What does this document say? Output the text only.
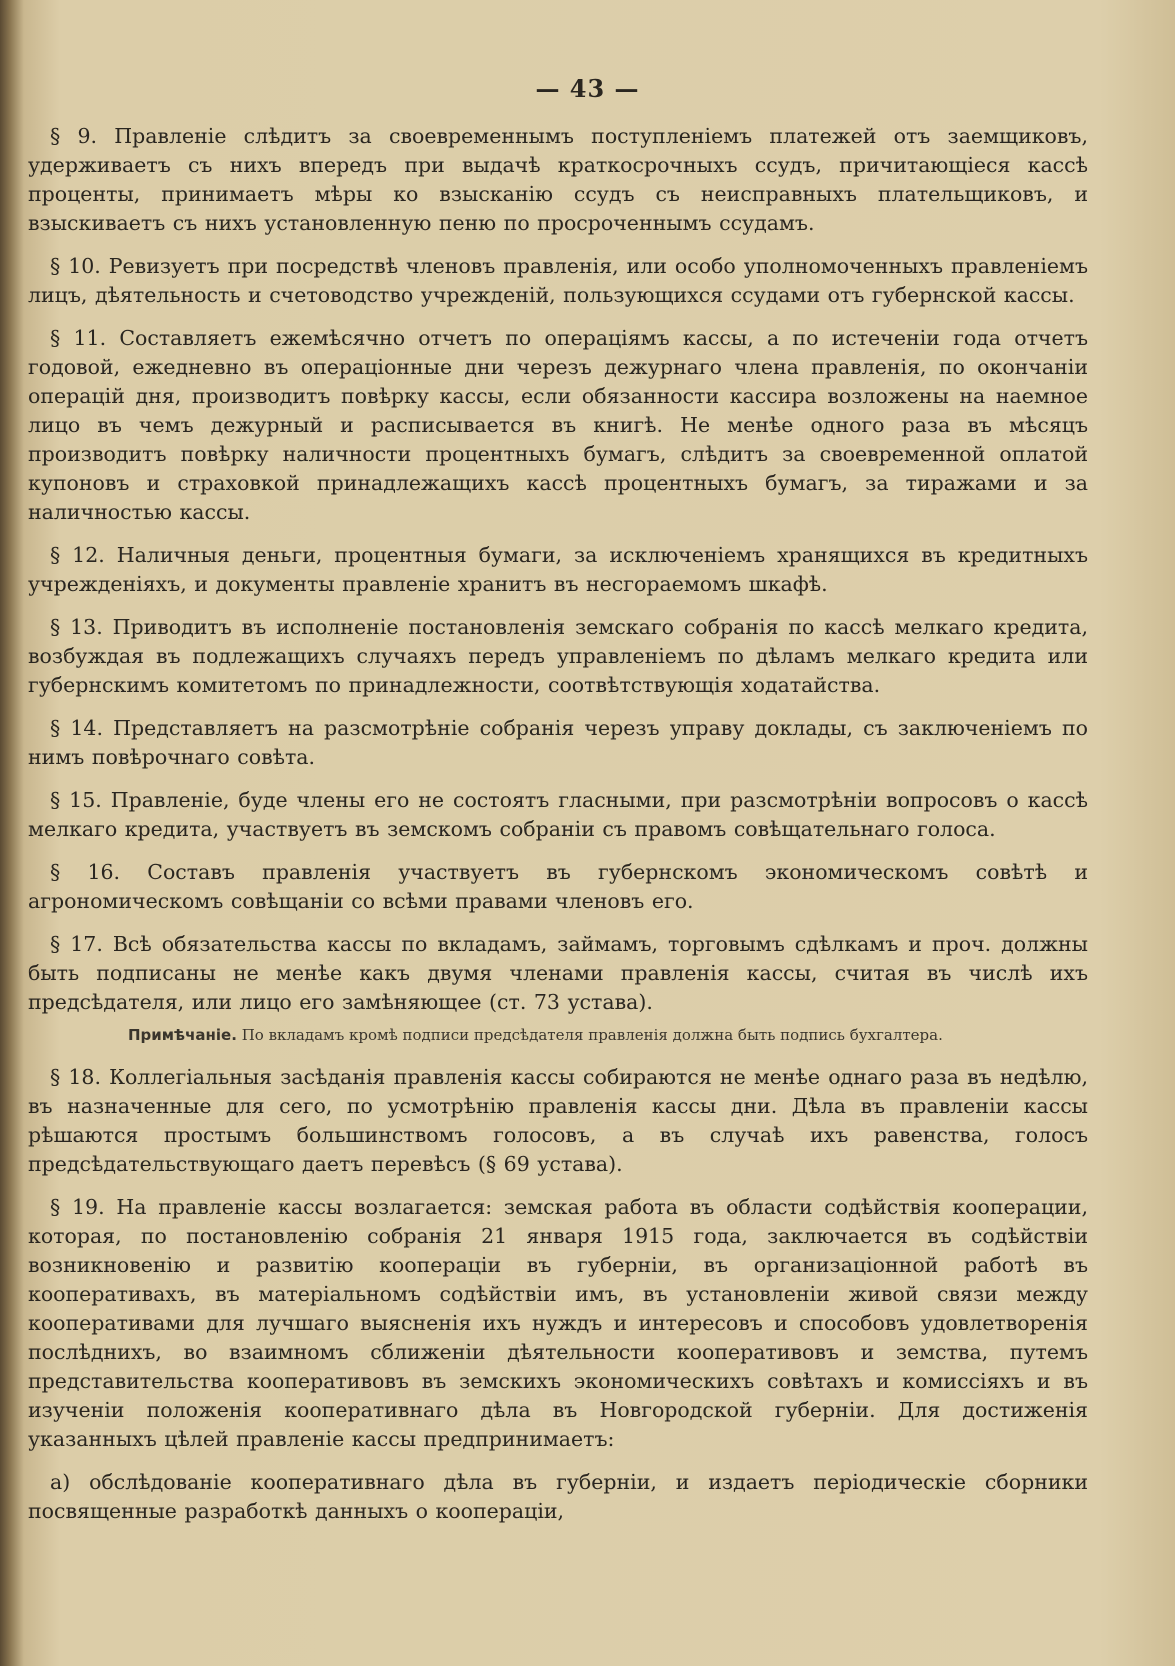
— 43 —

§ 9. Правленіе слѣдитъ за своевременнымъ поступленіемъ платежей отъ заемщиковъ, удерживаетъ съ нихъ впередъ при выдачѣ краткосрочныхъ ссудъ, причитающіеся кассѣ проценты, принимаетъ мѣры ко взысканію ссудъ съ неисправныхъ плательщиковъ, и взыскиваетъ съ нихъ установленную пеню по просроченнымъ ссудамъ.

§ 10. Ревизуетъ при посредствѣ членовъ правленія, или особо уполномоченныхъ правленіемъ лицъ, дѣятельность и счетоводство учрежденій, пользующихся ссудами отъ губернской кассы.

§ 11. Составляетъ ежемѣсячно отчетъ по операціямъ кассы, а по истеченіи года отчетъ годовой, ежедневно въ операціонные дни черезъ дежурнаго члена правленія, по окончаніи операцій дня, производитъ повѣрку кассы, если обязанности кассира возложены на наемное лицо въ чемъ дежурный и расписывается въ книгѣ. Не менѣе одного раза въ мѣсяцъ производитъ повѣрку наличности процентныхъ бумагъ, слѣдитъ за своевременной оплатой купоновъ и страховкой принадлежащихъ кассѣ процентныхъ бумагъ, за тиражами и за наличностью кассы.

§ 12. Наличныя деньги, процентныя бумаги, за исключеніемъ хранящихся въ кредитныхъ учрежденіяхъ, и документы правленіе хранитъ въ несгораемомъ шкафѣ.

§ 13. Приводитъ въ исполненіе постановленія земскаго собранія по кассѣ мелкаго кредита, возбуждая въ подлежащихъ случаяхъ передъ управленіемъ по дѣламъ мелкаго кредита или губернскимъ комитетомъ по принадлежности, соотвѣтствующія ходатайства.

§ 14. Представляетъ на разсмотрѣніе собранія черезъ управу доклады, съ заключеніемъ по нимъ повѣрочнаго совѣта.

§ 15. Правленіе, буде члены его не состоятъ гласными, при разсмотрѣніи вопросовъ о кассѣ мелкаго кредита, участвуетъ въ земскомъ собраніи съ правомъ совѣщательнаго голоса.

§ 16. Составъ правленія участвуетъ въ губернскомъ экономическомъ совѣтѣ и агрономическомъ совѣщаніи со всѣми правами членовъ его.

§ 17. Всѣ обязательства кассы по вкладамъ, займамъ, торговымъ сдѣлкамъ и проч. должны быть подписаны не менѣе какъ двумя членами правленія кассы, считая въ числѣ ихъ предсѣдателя, или лицо его замѣняющее (ст. 73 устава).

Примѣчаніе. По вкладамъ кромѣ подписи предсѣдателя правленія должна быть подпись бухгалтера.

§ 18. Коллегіальныя засѣданія правленія кассы собираются не менѣе однаго раза въ недѣлю, въ назначенные для сего, по усмотрѣнію правленія кассы дни. Дѣла въ правленіи кассы рѣшаются простымъ большинствомъ голосовъ, а въ случаѣ ихъ равенства, голосъ предсѣдательствующаго даетъ перевѣсъ (§ 69 устава).

§ 19. На правленіе кассы возлагается: земская работа въ области содѣйствія кооперации, которая, по постановленію собранія 21 января 1915 года, заключается въ содѣйствіи возникновенію и развитію коопераціи въ губерніи, въ организаціонной работѣ въ кооперативахъ, въ матеріальномъ содѣйствіи имъ, въ установленіи живой связи между кооперативами для лучшаго выясненія ихъ нуждъ и интересовъ и способовъ удовлетворенія послѣднихъ, во взаимномъ сближеніи дѣятельности кооперативовъ и земства, путемъ представительства кооперативовъ въ земскихъ экономическихъ совѣтахъ и комиссіяхъ и въ изученіи положенія кооперативнаго дѣла въ Новгородской губерніи. Для достиженія указанныхъ цѣлей правленіе кассы предпринимаетъ:

а) обслѣдованіе кооперативнаго дѣла въ губерніи, и издаетъ періодическіе сборники посвященные разработкѣ данныхъ о коопераціи,
